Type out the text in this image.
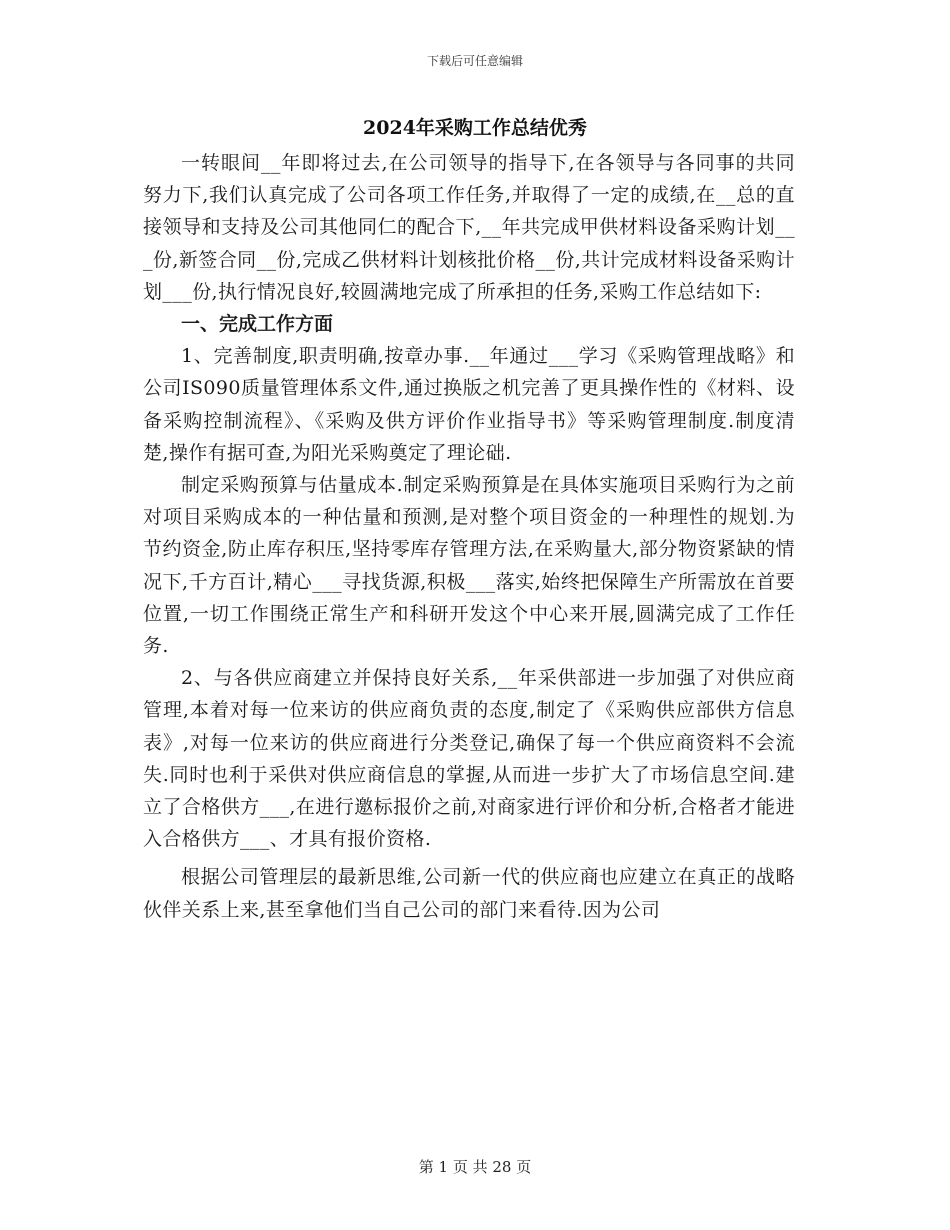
下载后可任意编辑
2024年采购工作总结优秀

一转眼间__年即将过去,在公司领导的指导下,在各领导与各同事的共同努力下,我们认真完成了公司各项工作任务,并取得了一定的成绩,在__总的直接领导和支持及公司其他同仁的配合下,__年共完成甲供材料设备采购计划___份,新签合同__份,完成乙供材料计划核批价格__份,共计完成材料设备采购计划___份,执行情况良好,较圆满地完成了所承担的任务,采购工作总结如下:

一、完成工作方面

1、完善制度,职责明确,按章办事.__年通过___学习《采购管理战略》和公司IS090质量管理体系文件,通过换版之机完善了更具操作性的《材料、设备采购控制流程》、《采购及供方评价作业指导书》等采购管理制度.制度清楚,操作有据可查,为阳光采购奠定了理论础.

制定采购预算与估量成本.制定采购预算是在具体实施项目采购行为之前对项目采购成本的一种估量和预测,是对整个项目资金的一种理性的规划.为节约资金,防止库存积压,坚持零库存管理方法,在采购量大,部分物资紧缺的情况下,千方百计,精心___寻找货源,积极___落实,始终把保障生产所需放在首要位置,一切工作围绕正常生产和科研开发这个中心来开展,圆满完成了工作任务.

2、与各供应商建立并保持良好关系,__年采供部进一步加强了对供应商管理,本着对每一位来访的供应商负责的态度,制定了《采购供应部供方信息表》,对每一位来访的供应商进行分类登记,确保了每一个供应商资料不会流失.同时也利于采供对供应商信息的掌握,从而进一步扩大了市场信息空间.建立了合格供方___,在进行邀标报价之前,对商家进行评价和分析,合格者才能进入合格供方___、才具有报价资格.

根据公司管理层的最新思维,公司新一代的供应商也应建立在真正的战略伙伴关系上来,甚至拿他们当自己公司的部门来看待.因为公司

第 1 页 共 28 页
